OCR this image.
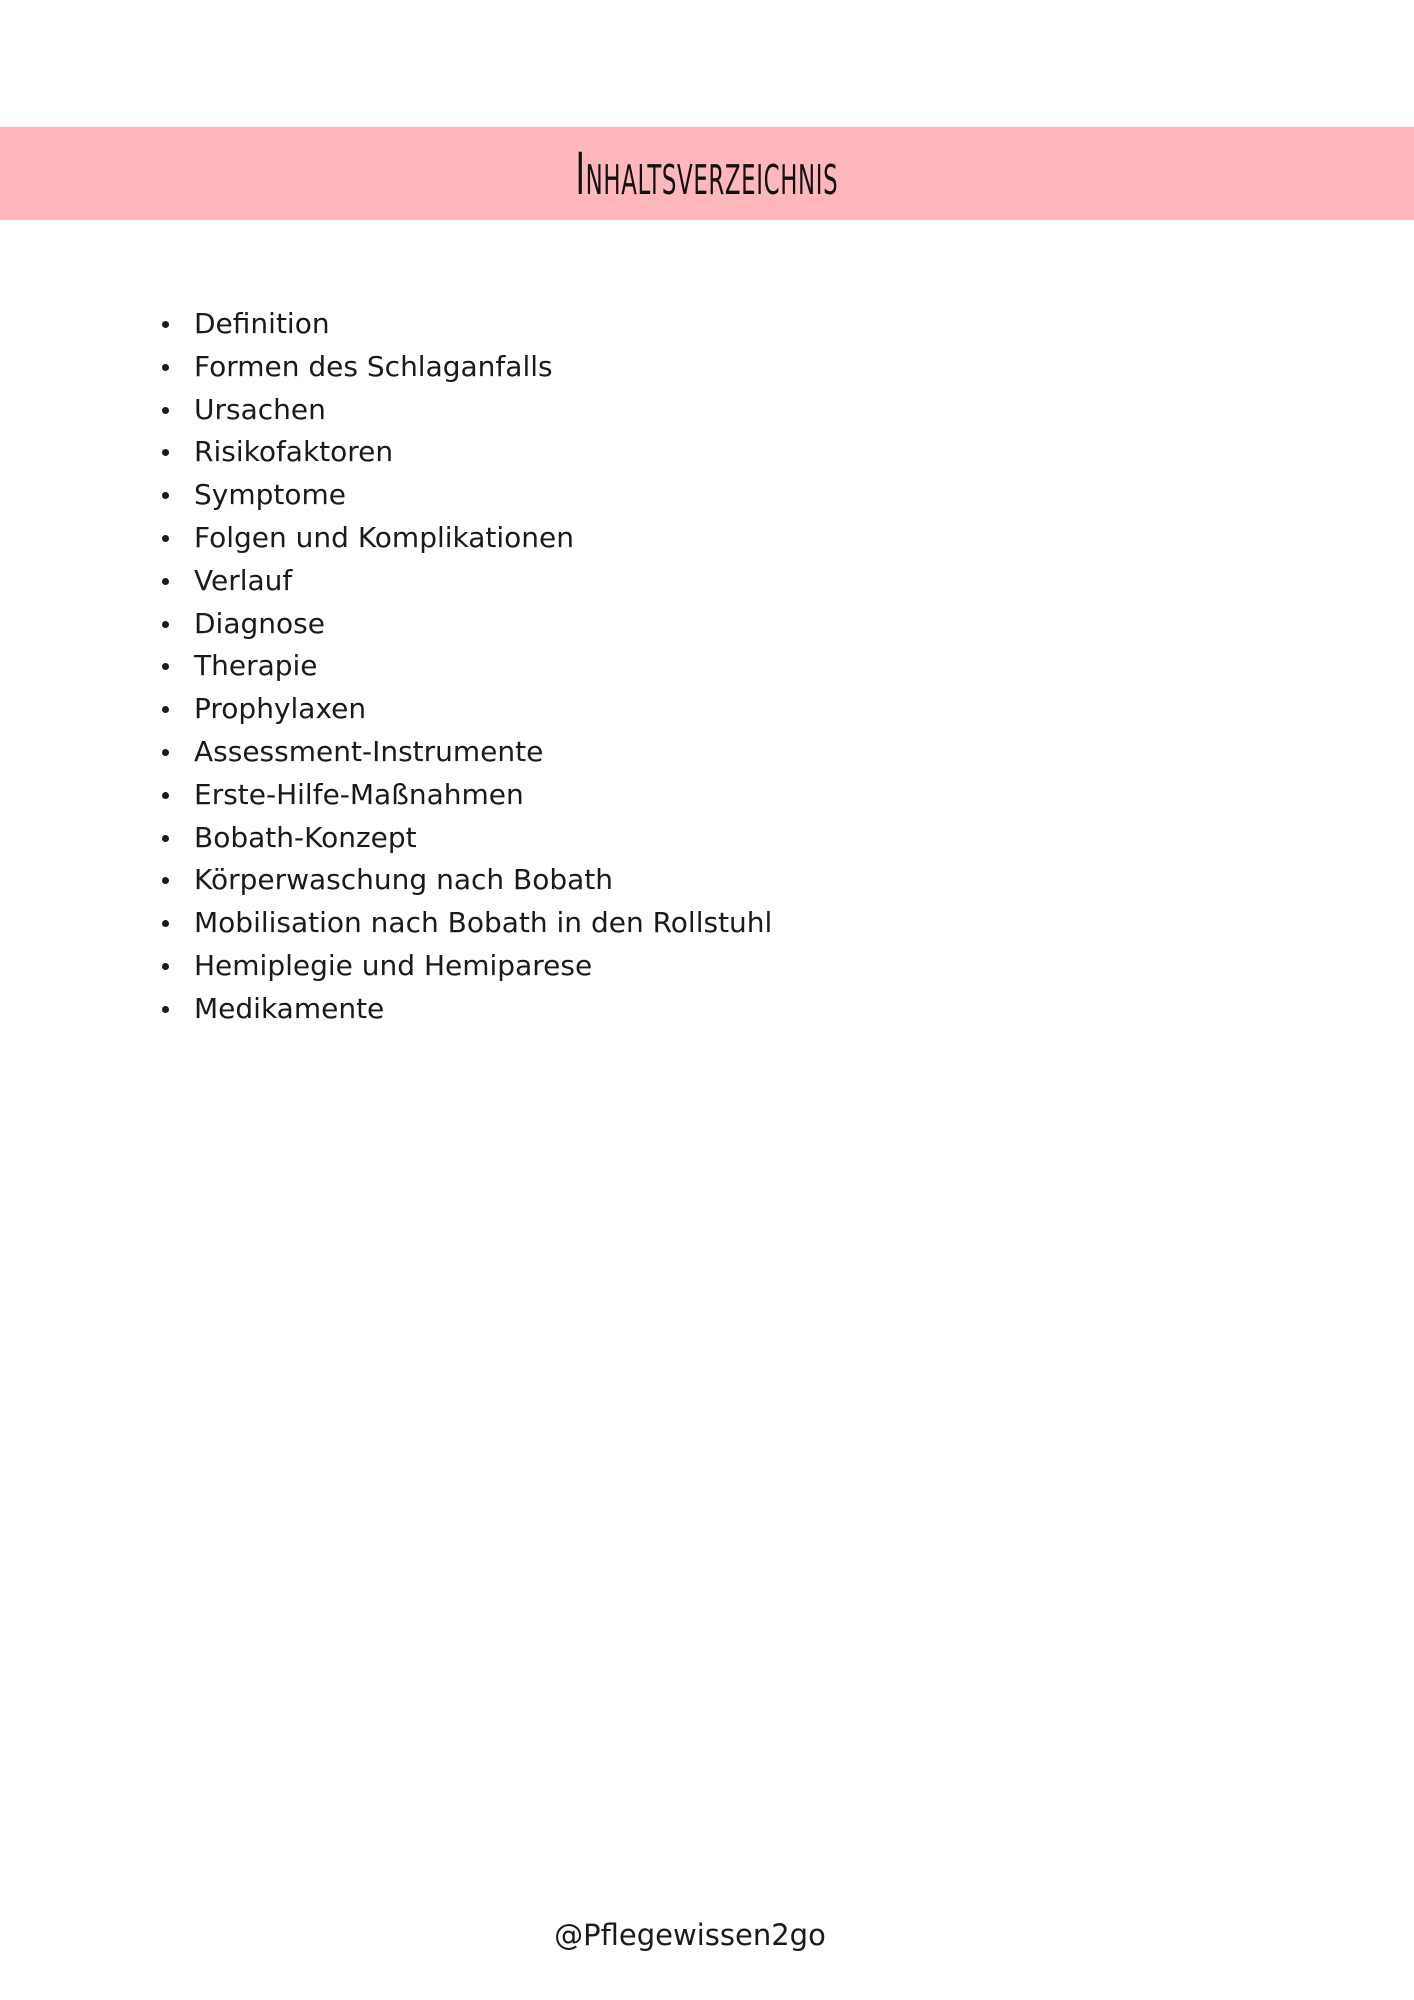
Inhaltsverzeichnis
Definition
Formen des Schlaganfalls
Ursachen
Risikofaktoren
Symptome
Folgen und Komplikationen
Verlauf
Diagnose
Therapie
Prophylaxen
Assessment-Instrumente
Erste-Hilfe-Maßnahmen
Bobath-Konzept
Körperwaschung nach Bobath
Mobilisation nach Bobath in den Rollstuhl
Hemiplegie und Hemiparese
Medikamente
@Pflegewissen2go
